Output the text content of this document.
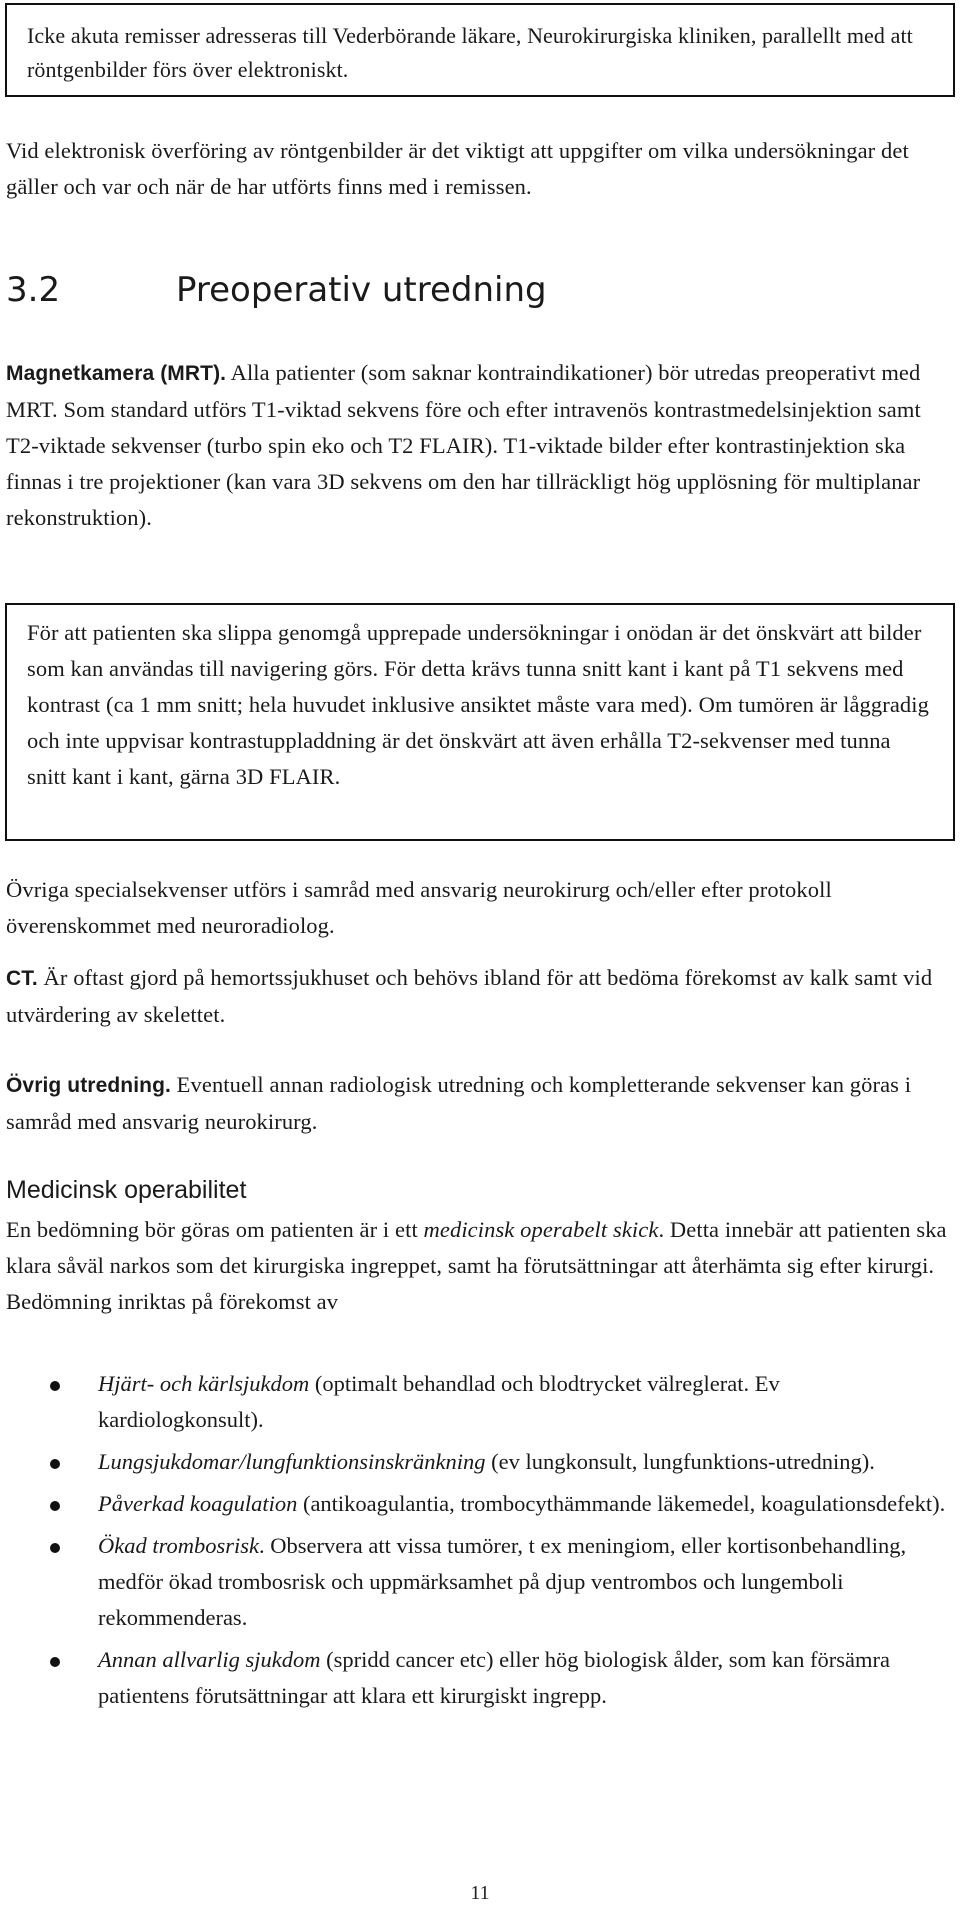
Icke akuta remisser adresseras till Vederbörande läkare, Neurokirurgiska kliniken, parallellt med att röntgenbilder förs över elektroniskt.

Vid elektronisk överföring av röntgenbilder är det viktigt att uppgifter om vilka undersökningar det gäller och var och när de har utförts finns med i remissen.

3.2	Preoperativ utredning

Magnetkamera (MRT). Alla patienter (som saknar kontraindikationer) bör utredas preoperativt med MRT. Som standard utförs T1-viktad sekvens före och efter intravenös kontrastmedelsinjektion samt T2-viktade sekvenser (turbo spin eko och T2 FLAIR). T1-viktade bilder efter kontrastinjektion ska finnas i tre projektioner (kan vara 3D sekvens om den har tillräckligt hög upplösning för multiplanar rekonstruktion).

För att patienten ska slippa genomgå upprepade undersökningar i onödan är det önskvärt att bilder som kan användas till navigering görs. För detta krävs tunna snitt kant i kant på T1 sekvens med kontrast (ca 1 mm snitt; hela huvudet inklusive ansiktet måste vara med). Om tumören är låggradig och inte uppvisar kontrastuppladdning är det önskvärt att även erhålla T2-sekvenser med tunna snitt kant i kant, gärna 3D FLAIR.

Övriga specialsekvenser utförs i samråd med ansvarig neurokirurg och/eller efter protokoll överenskommet med neuroradiolog.

CT. Är oftast gjord på hemortssjukhuset och behövs ibland för att bedöma förekomst av kalk samt vid utvärdering av skelettet.

Övrig utredning. Eventuell annan radiologisk utredning och kompletterande sekvenser kan göras i samråd med ansvarig neurokirurg.

Medicinsk operabilitet

En bedömning bör göras om patienten är i ett medicinsk operabelt skick. Detta innebär att patienten ska klara såväl narkos som det kirurgiska ingreppet, samt ha förutsättningar att återhämta sig efter kirurgi. Bedömning inriktas på förekomst av

Hjärt- och kärlsjukdom (optimalt behandlad och blodtrycket välreglerat. Ev kardiologkonsult).
Lungsjukdomar/lungfunktionsinskränkning (ev lungkonsult, lungfunktions-utredning).
Påverkad koagulation (antikoagulantia, trombocythämmande läkemedel, koagulationsdefekt).
Ökad trombosrisk. Observera att vissa tumörer, t ex meningiom, eller kortisonbehandling, medför ökad trombosrisk och uppmärksamhet på djup ventrombos och lungemboli rekommenderas.
Annan allvarlig sjukdom (spridd cancer etc) eller hög biologisk ålder, som kan försämra patientens förutsättningar att klara ett kirurgiskt ingrepp.
11
